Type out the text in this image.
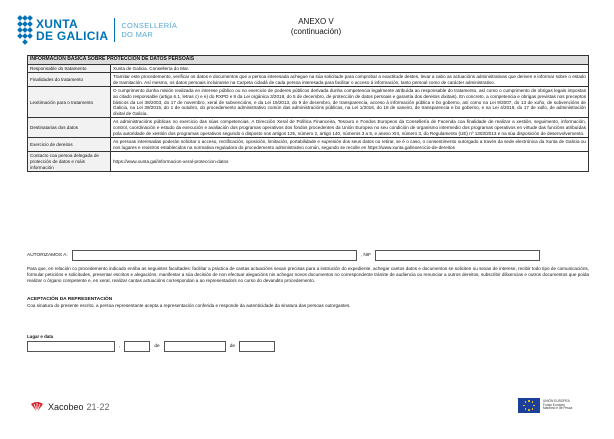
XUNTA
DE GALICIA
CONSELLERÍA
DO MAR
ANEXO V
(continuación)
INFORMACIÓN BÁSICA SOBRE PROTECCIÓN DE DATOS PERSOAIS	
Responsable do tratamento	Xunta de Galicia. Consellería do Mar.
Finalidades do tratamento	Tramitar este procedemento, verificar os datos e documentos que a persoa interesada achegue na súa solicitude para comprobar a exactitude destes, levar a cabo as actuacións administrativas que deriven e informar sobre o estado de tramitación. Así mesmo, os datos persoais incluiranse na Carpeta cidadá de cada persoa interesada para facilitar o acceso á información, tanto persoal como de carácter administrativo.
Lexitimación para o tratamento	O cumprimento dunha misión realizada en interese público ou no exercicio de poderes públicos derivada dunha competencia legalmente atribuída ao responsable do tratamento, así como o cumprimento de obrigas legais impostas ao citado responsable (artigo 6.1, letras c) e e) do RXPD e 8 da Lei orgánica 3/2018, do 5 de decembro, de protección de datos persoais e garantía dos dereitos dixitais). En concreto, a competencia e obrigas previstas nos preceptos básicos da Lei 38/2003, do 17 de novembro, xeral de subvencións, e da Lei 19/2013, do 9 de decembro, de transparencia, acceso á información pública e bo goberno, así como na Lei 9/2007, do 13 de xuño, de subvencións de Galicia, na Lei 39/2015, do 1 de outubro, do procedemento administrativo común das administracións públicas, na Lei 1/2016, do 18 de xaneiro, de transparencia e bo goberno, e na Lei 4/2019, do 17 de xullo, de administración dixital de Galicia.
Destinatarias dos datos	As administracións públicas no exercicio das súas competencias. A Dirección Xeral de Política Financeira, Tesouro e Fondos Europeos da Consellería de Facenda coa finalidade de realizar a xestión, seguimento, información, control, coordinación e estudo da execución e avaliación dos programas operativos dos fondos procedentes da Unión Europea no seu condición de organismo intermedio dos programas operativos en virtude das funcións atribuídas pola autoridade de xestión dos programas operativos segundo o disposto nos artigos 125, número 2, artigo 140, números 3 a 5, e anexo XIII, número 3, do Regulamento (UE) nº 1303/2013 e na súa disposición de desenvolvemento.
Exercicio de dereitos	As persoas interesadas poderán solicitar o acceso, rectificación, oposición, limitación, portabilidade e supresión dos seus datos ou retirar, se é o caso, o consentimento outorgado a través da sede electrónica da Xunta de Galicia ou nos lugares e rexistros establecidos na normativa reguladora do procedemento administrativo común, segundo se recolle en https://www.xunta.gal/exercicio-de-dereitos
Contacto coa persoa delegada de protección de datos e máis información	https://www.xunta.gal/informacion-xeral-proteccion-datos
AUTORIZAMOS A:	, NIF
Para que, en relación co procedemento indicado enriba as seguintes facultades: facilitar a práctica de cantas actuacións sexan precisas para a instrución do expediente, achegar cantos datos e documentos se soliciten ou sexan de interese, recibir todo tipo de comunicacións, formular peticións e solicitudes, presentar escritos e alegacións, manifestar a súa decisión de non efectuar alegacións nin achegar novos documentos no correspondente trámite de audiencia ou renunciar a outros dereitos, subscribir dilixencias e outros documentos que poida realizar o órgano competente e, en xeral, realizar cantas actuacións correspondan a ao representado/s no curso do devandito procedemento.
ACEPTACIÓN DA REPRESENTACIÓN
Coa sinatura do presente escrito, a persoa representante acepta a representación conferida e responde da autenticidade da sinatura das persoas outorgantes.
Lugar e data
,	de	de
Xacobeo 21·22
UNIÓN EUROPEA
Fondo Europeo
Marítimo e de Pesca
